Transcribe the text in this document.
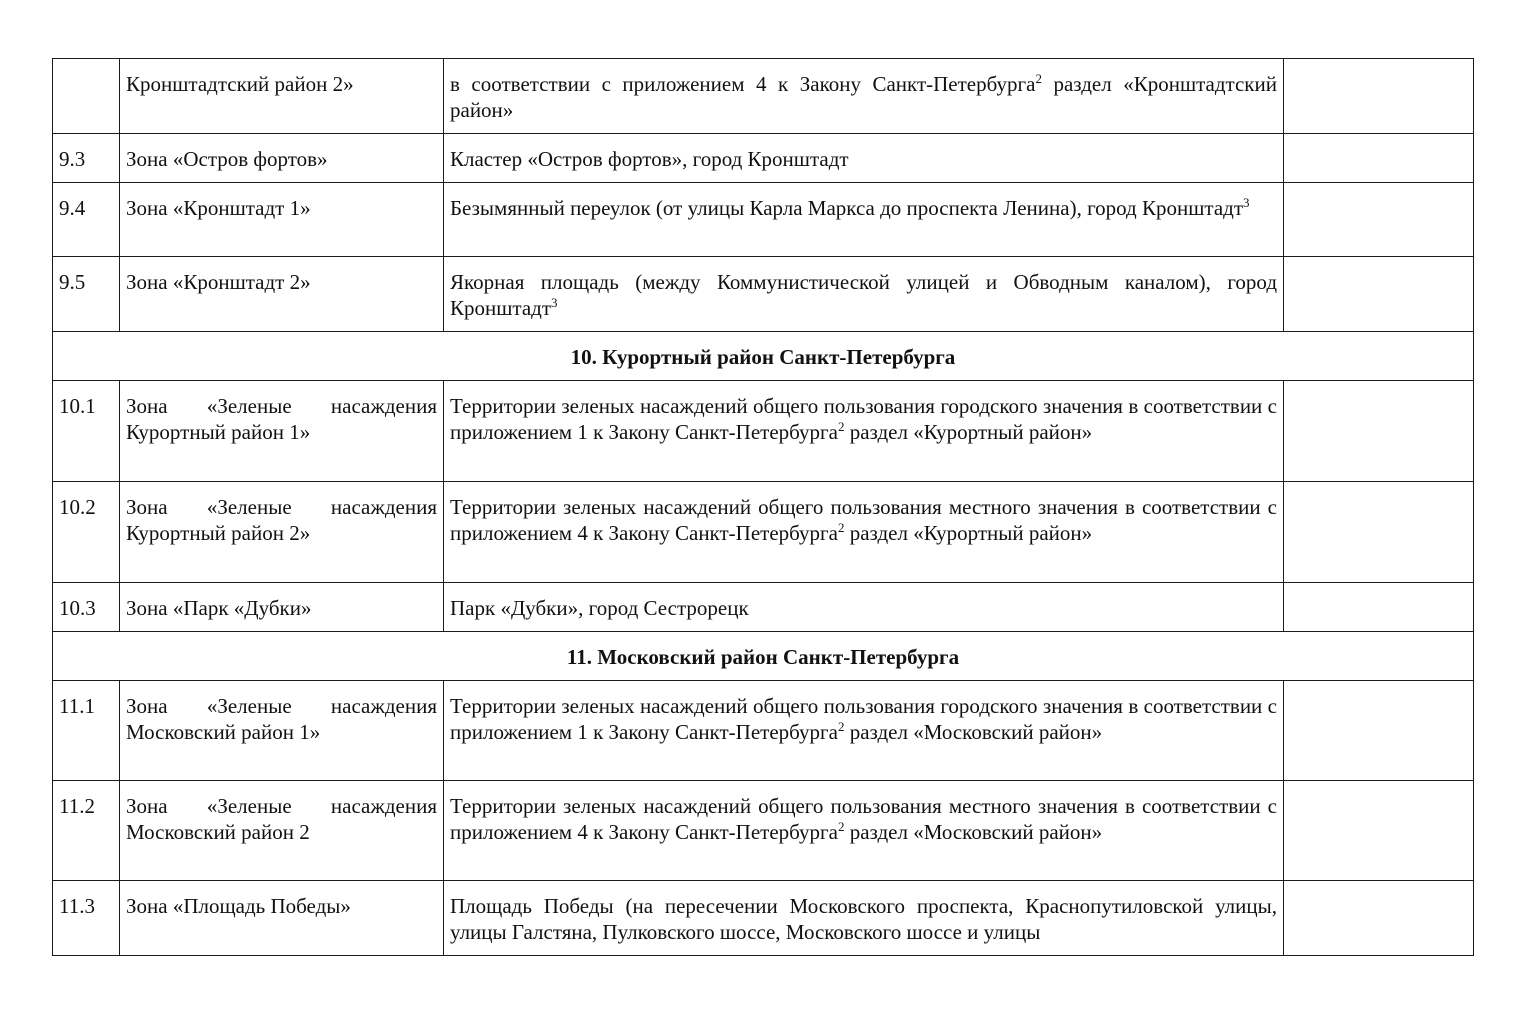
	Кронштадтский район 2»	в соответствии с приложением 4 к Закону Санкт-Петербурга$^2$ раздел «Кронштадтский район»	
9.3	Зона «Остров фортов»	Кластер «Остров фортов», город Кронштадт	
9.4	Зона «Кронштадт 1»	Безымянный переулок (от улицы Карла Маркса до проспекта Ленина), город Кронштадт$^3$	
9.5	Зона «Кронштадт 2»	Якорная площадь (между Коммунистической улицей и Обводным каналом), город Кронштадт$^3$	
10. Курортный район Санкт-Петербурга			
10.1	Зона «Зеленые насаждения Курортный район 1»	Территории зеленых насаждений общего пользования городского значения в соответствии с приложением 1 к Закону Санкт-Петербурга$^2$ раздел «Курортный район»	
10.2	Зона «Зеленые насаждения Курортный район 2»	Территории зеленых насаждений общего пользования местного значения в соответствии с приложением 4 к Закону Санкт-Петербурга$^2$ раздел «Курортный район»	
10.3	Зона «Парк «Дубки»	Парк «Дубки», город Сестрорецк	
11. Московский район Санкт-Петербурга			
11.1	Зона «Зеленые насаждения Московский район 1»	Территории зеленых насаждений общего пользования городского значения в соответствии с приложением 1 к Закону Санкт-Петербурга$^2$ раздел «Московский район»	
11.2	Зона «Зеленые насаждения Московский район 2	Территории зеленых насаждений общего пользования местного значения в соответствии с приложением 4 к Закону Санкт-Петербурга$^2$ раздел «Московский район»	
11.3	Зона «Площадь Победы»	Площадь Победы (на пересечении Московского проспекта, Краснопутиловской улицы, улицы Галстяна, Пулковского шоссе, Московского шоссе и улицы	
